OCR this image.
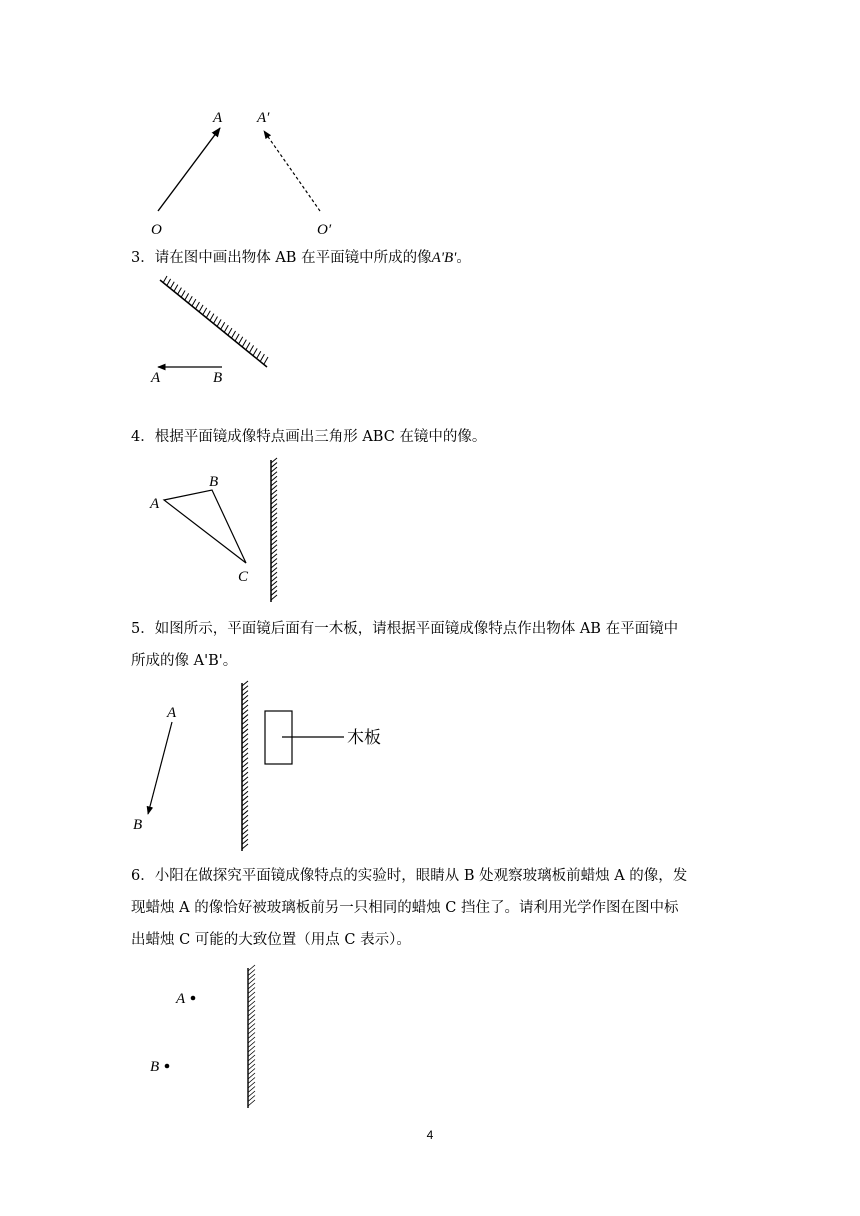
A A′
O	O′
A	B
A
B
C
A
B
木板
A
B
3．请在图中画出物体 AB 在平面镜中所成的像A'B'。
4．根据平面镜成像特点画出三角形 ABC 在镜中的像。
5．如图所示，平面镜后面有一木板，请根据平面镜成像特点作出物体 AB 在平面镜中
所成的像 A'B'。
6．小阳在做探究平面镜成像特点的实验时，眼睛从 B 处观察玻璃板前蜡烛 A 的像，发
现蜡烛 A 的像恰好被玻璃板前另一只相同的蜡烛 C 挡住了。请利用光学作图在图中标
出蜡烛 C 可能的大致位置（用点 C 表示）。
4
